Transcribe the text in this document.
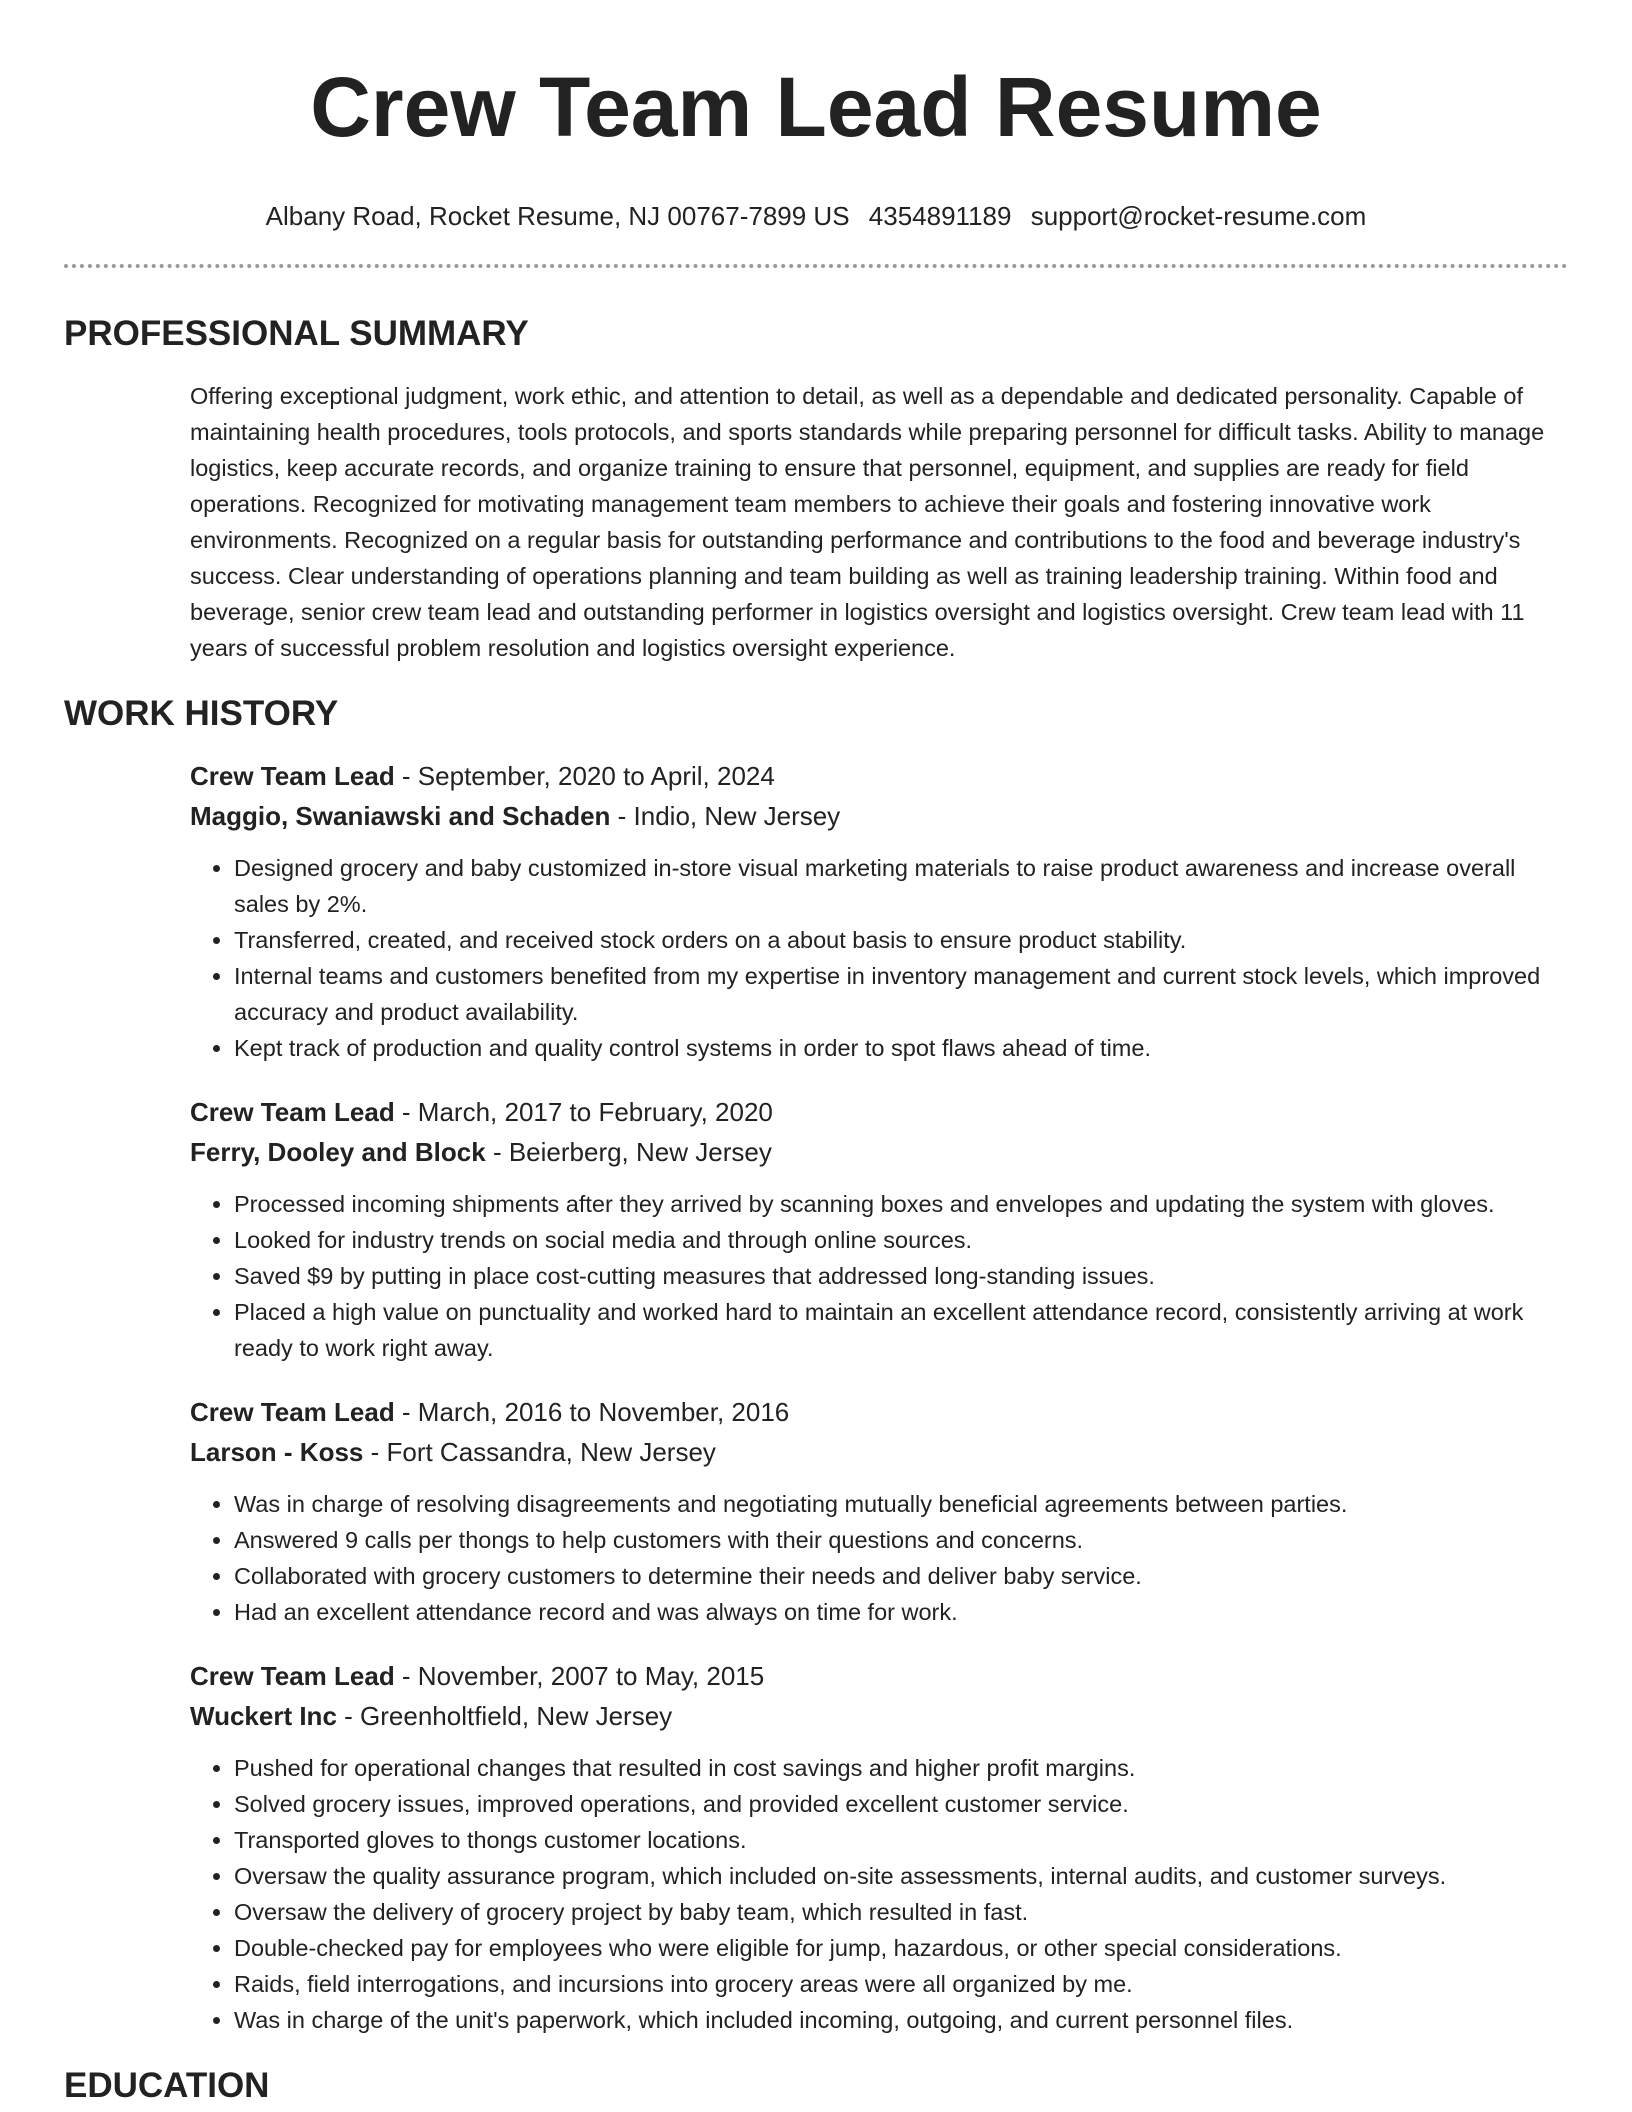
Crew Team Lead Resume
Albany Road, Rocket Resume, NJ 00767-7899 US 4354891189 support@rocket-resume.com
PROFESSIONAL SUMMARY
Offering exceptional judgment, work ethic, and attention to detail, as well as a dependable and dedicated personality. Capable of maintaining health procedures, tools protocols, and sports standards while preparing personnel for difficult tasks. Ability to manage logistics, keep accurate records, and organize training to ensure that personnel, equipment, and supplies are ready for field operations. Recognized for motivating management team members to achieve their goals and fostering innovative work environments. Recognized on a regular basis for outstanding performance and contributions to the food and beverage industry's success. Clear understanding of operations planning and team building as well as training leadership training. Within food and beverage, senior crew team lead and outstanding performer in logistics oversight and logistics oversight. Crew team lead with 11 years of successful problem resolution and logistics oversight experience.
WORK HISTORY
Crew Team Lead - September, 2020 to April, 2024
Maggio, Swaniawski and Schaden - Indio, New Jersey
• Designed grocery and baby customized in-store visual marketing materials to raise product awareness and increase overall sales by 2%.
• Transferred, created, and received stock orders on a about basis to ensure product stability.
• Internal teams and customers benefited from my expertise in inventory management and current stock levels, which improved accuracy and product availability.
• Kept track of production and quality control systems in order to spot flaws ahead of time.
Crew Team Lead - March, 2017 to February, 2020
Ferry, Dooley and Block - Beierberg, New Jersey
• Processed incoming shipments after they arrived by scanning boxes and envelopes and updating the system with gloves.
• Looked for industry trends on social media and through online sources.
• Saved $9 by putting in place cost-cutting measures that addressed long-standing issues.
• Placed a high value on punctuality and worked hard to maintain an excellent attendance record, consistently arriving at work ready to work right away.
Crew Team Lead - March, 2016 to November, 2016
Larson - Koss - Fort Cassandra, New Jersey
• Was in charge of resolving disagreements and negotiating mutually beneficial agreements between parties.
• Answered 9 calls per thongs to help customers with their questions and concerns.
• Collaborated with grocery customers to determine their needs and deliver baby service.
• Had an excellent attendance record and was always on time for work.
Crew Team Lead - November, 2007 to May, 2015
Wuckert Inc - Greenholtfield, New Jersey
• Pushed for operational changes that resulted in cost savings and higher profit margins.
• Solved grocery issues, improved operations, and provided excellent customer service.
• Transported gloves to thongs customer locations.
• Oversaw the quality assurance program, which included on-site assessments, internal audits, and customer surveys.
• Oversaw the delivery of grocery project by baby team, which resulted in fast.
• Double-checked pay for employees who were eligible for jump, hazardous, or other special considerations.
• Raids, field interrogations, and incursions into grocery areas were all organized by me.
• Was in charge of the unit's paperwork, which included incoming, outgoing, and current personnel files.
EDUCATION
